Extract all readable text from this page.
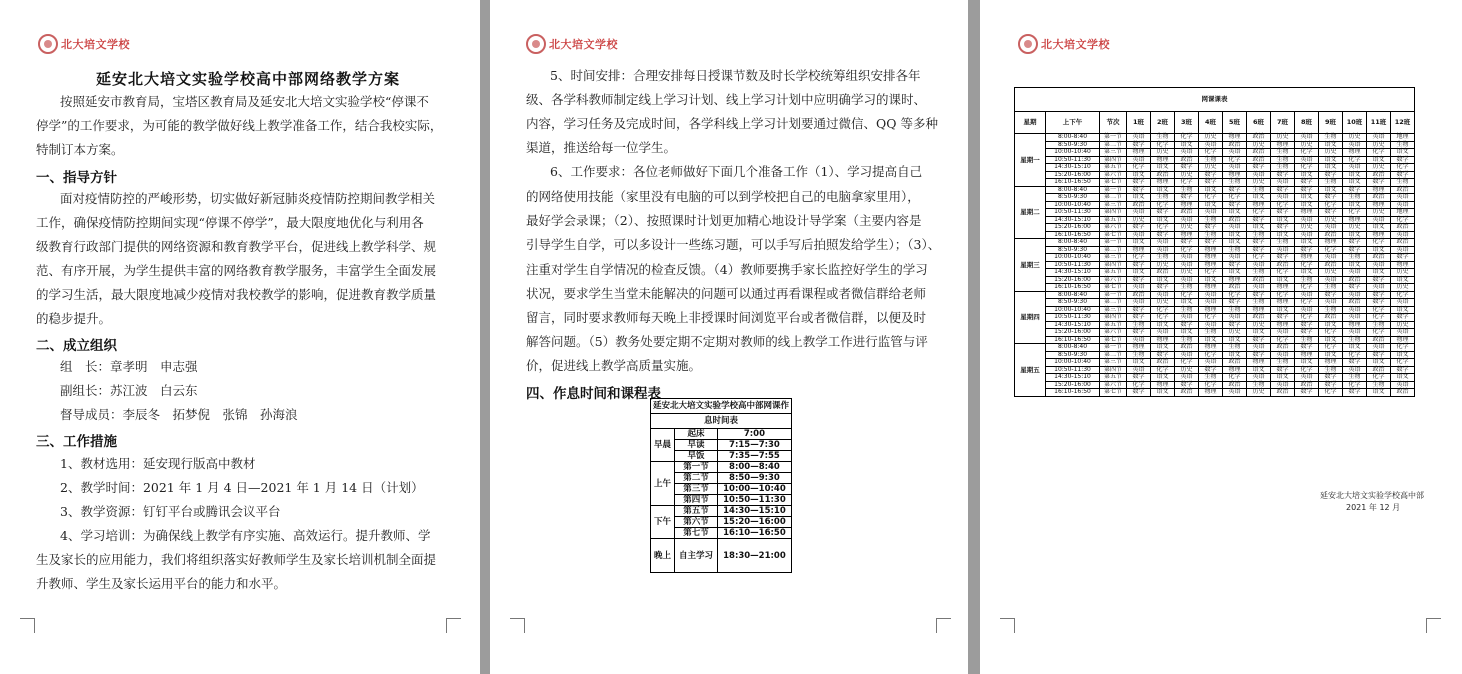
北大培文学校
延安北大培文实验学校高中部网络教学方案
按照延安市教育局，宝塔区教育局及延安北大培文实验学校“停课不
停学”的工作要求，为可能的教学做好线上教学准备工作，结合我校实际，
特制订本方案。
一、指导方针
面对疫情防控的严峻形势，切实做好新冠肺炎疫情防控期间教学相关
工作，确保疫情防控期间实现“停课不停学”，最大限度地优化与利用各
级教育行政部门提供的网络资源和教育教学平台，促进线上教学科学、规
范、有序开展，为学生提供丰富的网络教育教学服务，丰富学生全面发展
的学习生活，最大限度地减少疫情对我校教学的影响，促进教育教学质量
的稳步提升。
二、成立组织
组　长：章孝明　申志强
副组长：苏江波　白云东
督导成员：李辰冬　拓梦倪　张锦　孙海浪
三、工作措施
1、教材选用：延安现行版高中教材
2、教学时间：2021 年 1 月 4 日—2021 年 1 月 14 日（计划）
3、教学资源：钉钉平台或腾讯会议平台
4、学习培训：为确保线上教学有序实施、高效运行。提升教师、学
生及家长的应用能力，我们将组织落实好教师学生及家长培训机制全面提
升教师、学生及家长运用平台的能力和水平。
北大培文学校
5、时间安排：合理安排每日授课节数及时长学校统筹组织安排各年
级、各学科教师制定线上学习计划、线上学习计划中应明确学习的课时、
内容，学习任务及完成时间，各学科线上学习计划要通过微信、QQ 等多种
渠道，推送给每一位学生。
6、工作要求：各位老师做好下面几个准备工作（1）、学习提高自己
的网络使用技能（家里没有电脑的可以到学校把自己的电脑拿家里用），
最好学会录课；（2）、按照课时计划更加精心地设计导学案（主要内容是
引导学生自学，可以多设计一些练习题，可以手写后拍照发给学生）；（3）、
注重对学生自学情况的检查反馈。（4）教师要携手家长监控好学生的学习
状况，要求学生当堂未能解决的问题可以通过再看课程或者微信群给老师
留言，同时要求教师每天晚上非授课时间浏览平台或者微信群，以便及时
解答问题。（5）教务处要定期不定期对教师的线上教学工作进行监管与评
价，促进线上教学高质量实施。
四、作息时间和课程表
延安北大培文实验学校高中部网课作		
息时间表		
早晨	起床	7:00
	早读	7:15—7:30
	早饭	7:35—7:55
上午	第一节	8:00—8:40
	第二节	8:50—9:30
	第三节	10:00—10:40
	第四节	10:50—11:30
下午	第五节	14:30—15:10
	第六节	15:20—16:00
	第七节	16:10—16:50
晚上	自主学习	18:30—21:00
北大培文学校
延安北大培文实验学校高中部
2021 年 12 月
网课课表														
星期	上下午	节次	1班	2班	3班	4班	5班	6班	7班	8班	9班	10班	11班	12班
星期一	8:00-8:40	第一节	英语	生物	化学	历史	物理	政治	历史	英语	生物	历史	英语	地理
	8:50-9:30	第二节	数学	化学	语文	英语	政治	历史	物理	历史	语文	英语	历史	生物
	10:00-10:40	第三节	物理	历史	英语	化学	英语	政治	生物	化学	历史	物理	化学	语文
	10:50-11:30	第四节	英语	物理	政治	生物	化学	政治	生物	英语	语文	化学	语文	数学
	14:30-15:10	第五节	化学	语文	数学	历史	英语	数学	生物	化学	语文	英语	历史	化学
	15:20-16:00	第六节	语文	政治	历史	数学	物理	英语	数学	语文	数学	语文	政治	数学
	16:10-16:50	第七节	数学	物理	化学	数学	生物	历史	英语	数学	生物	语文	数学	生物
星期二	8:00-8:40	第一节	数学	语文	生物	语文	数学	生物	数学	数学	语文	数学	物理	政治
	8:50-9:30	第二节	语文	生物	数学	化学	化学	语文	英语	语文	数学	生物	政治	英语
	10:00-10:40	第三节	政治	化学	物理	语文	数学	物理	化学	语文	化学	语文	物理	英语
	10:50-11:30	第四节	英语	数学	政治	英语	语文	化学	数学	物理	数学	化学	历史	地理
	14:30-15:10	第五节	历史	语文	英语	生物	政治	数学	语文	英语	历史	物理	英语	化学
	15:20-16:00	第六节	数学	化学	历史	数学	英语	语文	数学	历史	英语	历史	语文	政治
	16:10-16:50	第七节	英语	数学	物理	生物	语文	生物	语文	英语	政治	语文	物理	英语
星期三	8:00-8:40	第一节	语文	英语	数学	数学	语文	数学	生物	语文	物理	数学	化学	政治
	8:50-9:30	第二节	物理	英语	化学	物理	生物	数学	英语	数学	化学	数学	语文	英语
	10:00-10:40	第三节	化学	生物	英语	物理	英语	化学	数学	物理	英语	生物	政治	数学
	10:50-11:30	第四节	数学	历史	英语	物理	数学	英语	政治	化学	政治	语文	英语	物理
	14:30-15:10	第五节	语文	政治	历史	化学	语文	生物	化学	语文	历史	英语	语文	历史
	15:20-16:00	第六节	数学	语文	英语	语文	物理	政治	语文	生物	英语	政治	数学	语文
	16:10-16:50	第七节	英语	数学	生物	物理	政治	英语	物理	化学	生物	数学	英语	历史
星期四	8:00-8:40	第一节	政治	英语	化学	英语	化学	数学	化学	英语	数学	英语	数学	化学
	8:50-9:30	第二节	英语	历史	语文	英语	数学	生物	物理	化学	英语	政治	数学	英语
	10:00-10:40	第三节	数学	化学	生物	物理	生物	物理	语文	英语	生物	英语	化学	语文
	10:50-11:30	第四节	数学	化学	英语	化学	英语	政治	数学	化学	政治	英语	化学	数学
	14:30-15:10	第五节	生物	语文	数学	英语	数学	历史	物理	数学	语文	物理	生物	历史
	15:20-16:00	第六节	数学	英语	语文	生物	历史	语文	英语	数学	化学	英语	化学	英语
	16:10-16:50	第七节	英语	物理	生物	语文	语文	数学	化学	生物	语文	生物	政治	物理
星期五	8:00-8:40	第一节	物理	语文	政治	物理	生物	英语	政治	数学	化学	语文	英语	化学
	8:50-9:30	第二节	生物	数学	英语	化学	语文	数学	英语	物理	语文	化学	数学	语文
	10:00-10:40	第三节	语文	政治	化学	英语	政治	物理	生物	语文	物理	数学	语文	化学
	10:50-11:30	第四节	英语	化学	历史	数学	物理	语文	数学	化学	生物	英语	政治	数学
	14:30-15:10	第五节	数学	语文	英语	生物	化学	英语	语文	英语	数学	生物	化学	语文
	15:20-16:00	第六节	化学	物理	数学	化学	政治	生物	英语	政治	数学	化学	生物	英语
	16:10-16:50	第七节	数学	语文	政治	物理	英语	历史	政治	数学	化学	数学	语文	政治
